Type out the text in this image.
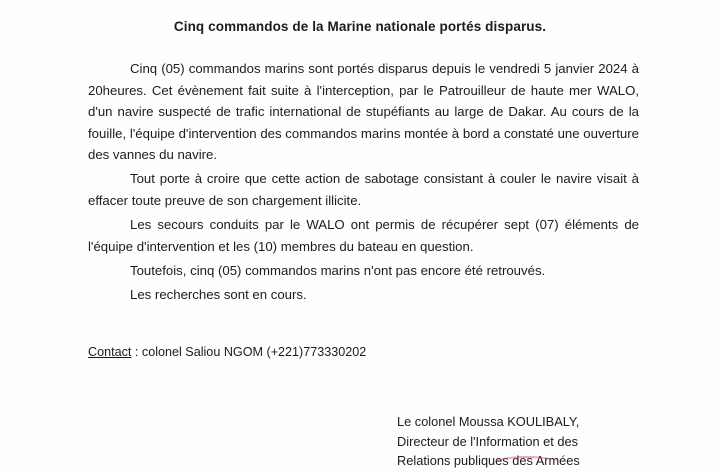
Cinq commandos de la Marine nationale portés disparus.

Cinq (05) commandos marins sont portés disparus depuis le vendredi 5 janvier 2024 à 20heures. Cet évènement fait suite à l'interception, par le Patrouilleur de haute mer WALO, d'un navire suspecté de trafic international de stupéfiants au large de Dakar. Au cours de la fouille, l'équipe d'intervention des commandos marins montée à bord a constaté une ouverture des vannes du navire.

Tout porte à croire que cette action de sabotage consistant à couler le navire visait à effacer toute preuve de son chargement illicite.

Les secours conduits par le WALO ont permis de récupérer sept (07) éléments de l'équipe d'intervention et les (10) membres du bateau en question.

Toutefois, cinq (05) commandos marins n'ont pas encore été retrouvés.

Les recherches sont en cours.

Contact : colonel Saliou NGOM (+221)773330202
Le colonel Moussa KOULIBALY,
Directeur de l'Information et des
Relations publiques des Armées
